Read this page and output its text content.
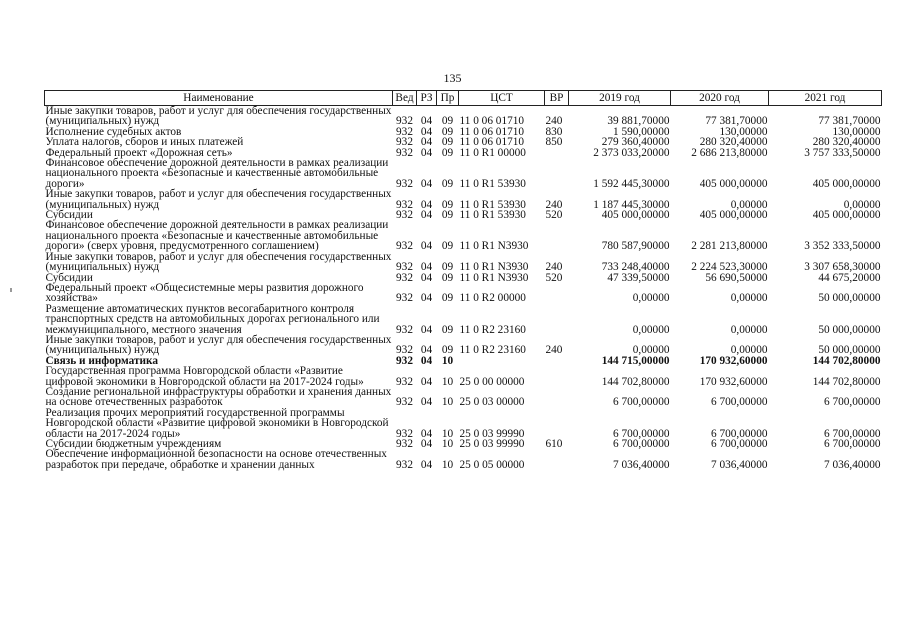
135
Наименование	Вед	РЗ	Пр	ЦСТ	ВР	2019 год	2020 год	2021 год
Иные закупки товаров, работ и услуг для обеспечения государственных (муниципальных) нужд	932	04	09	11 0 06 01710	240	39 881,70000	77 381,70000	77 381,70000
Исполнение судебных актов	932	04	09	11 0 06 01710	830	1 590,00000	130,00000	130,00000
Уплата налогов, сборов и иных платежей	932	04	09	11 0 06 01710	850	279 360,40000	280 320,40000	280 320,40000
Федеральный проект «Дорожная сеть»	932	04	09	11 0 R1 00000		2 373 033,20000	2 686 213,80000	3 757 333,50000
Финансовое обеспечение дорожной деятельности в рамках реализации национального проекта «Безопасные и качественные автомобильные дороги»	932	04	09	11 0 R1 53930		1 592 445,30000	405 000,00000	405 000,00000
Иные закупки товаров, работ и услуг для обеспечения государственных (муниципальных) нужд	932	04	09	11 0 R1 53930	240	1 187 445,30000	0,00000	0,00000
Субсидии	932	04	09	11 0 R1 53930	520	405 000,00000	405 000,00000	405 000,00000
Финансовое обеспечение дорожной деятельности в рамках реализации национального проекта «Безопасные и качественные автомобильные дороги» (сверх уровня, предусмотренного соглашением)	932	04	09	11 0 R1 N3930		780 587,90000	2 281 213,80000	3 352 333,50000
Иные закупки товаров, работ и услуг для обеспечения государственных (муниципальных) нужд	932	04	09	11 0 R1 N3930	240	733 248,40000	2 224 523,30000	3 307 658,30000
Субсидии	932	04	09	11 0 R1 N3930	520	47 339,50000	56 690,50000	44 675,20000
Федеральный проект «Общесистемные меры развития дорожного хозяйства»	932	04	09	11 0 R2 00000		0,00000	0,00000	50 000,00000
Размещение автоматических пунктов весогабаритного контроля транспортных средств на автомобильных дорогах регионального или межмуниципального, местного значения	932	04	09	11 0 R2 23160		0,00000	0,00000	50 000,00000
Иные закупки товаров, работ и услуг для обеспечения государственных (муниципальных) нужд	932	04	09	11 0 R2 23160	240	0,00000	0,00000	50 000,00000
Связь и информатика	932	04	10			144 715,00000	170 932,60000	144 702,80000
Государственная программа Новгородской области «Развитие цифровой экономики в Новгородской области на 2017-2024 годы»	932	04	10	25 0 00 00000		144 702,80000	170 932,60000	144 702,80000
Создание региональной инфраструктуры обработки и хранения данных на основе отечественных разработок	932	04	10	25 0 03 00000		6 700,00000	6 700,00000	6 700,00000
Реализация прочих мероприятий государственной программы Новгородской области «Развитие цифровой экономики в Новгородской области на 2017-2024 годы»	932	04	10	25 0 03 99990		6 700,00000	6 700,00000	6 700,00000
Субсидии бюджетным учреждениям	932	04	10	25 0 03 99990	610	6 700,00000	6 700,00000	6 700,00000
Обеспечение информационной безопасности на основе отечественных разработок при передаче, обработке и хранении данных	932	04	10	25 0 05 00000		7 036,40000	7 036,40000	7 036,40000
